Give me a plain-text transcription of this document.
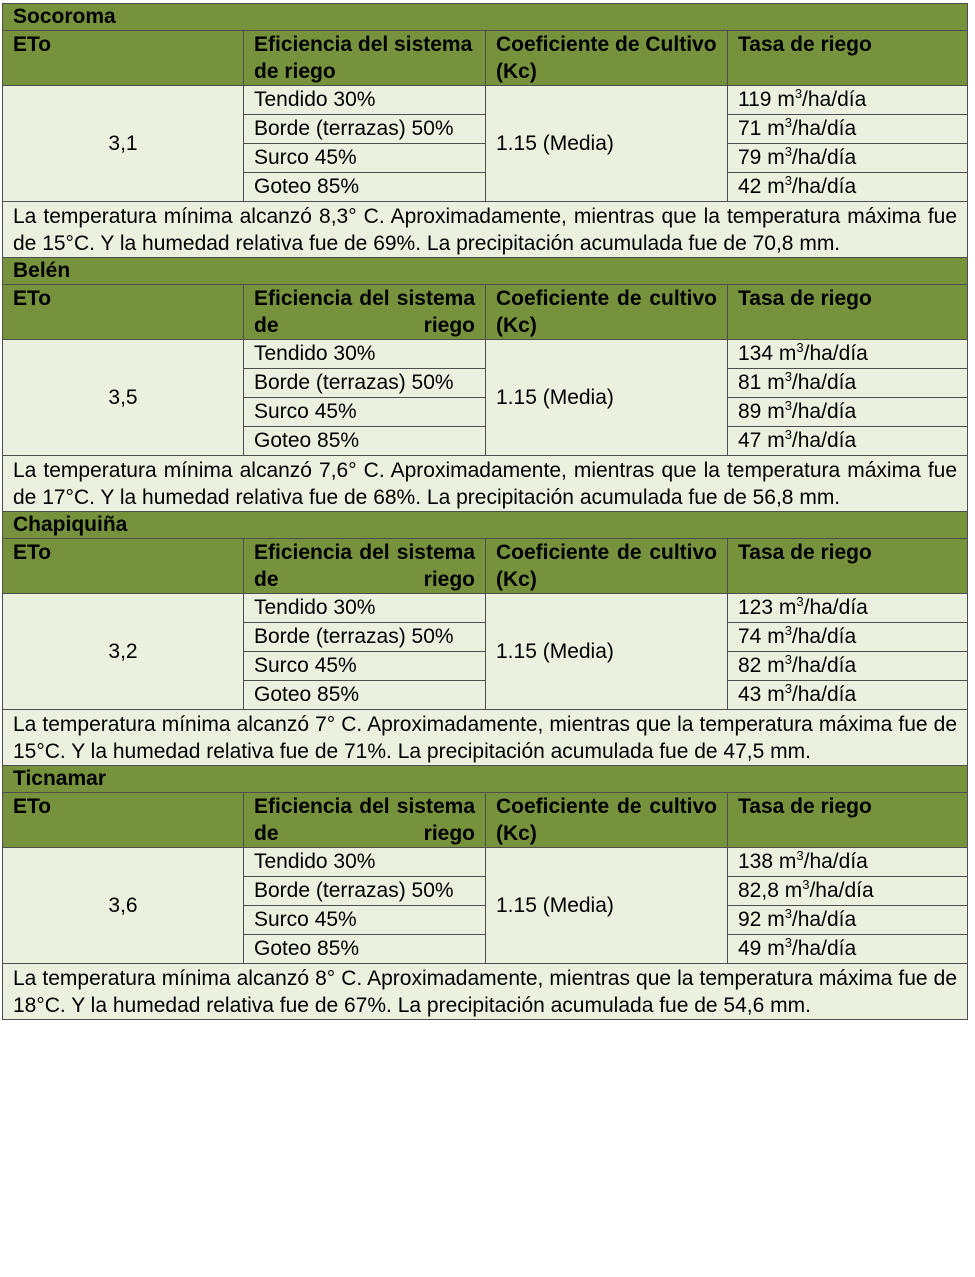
Socoroma			
ETo	Eficiencia del sistema de riego	Coeficiente de Cultivo (Kc)	Tasa de riego
3,1	Tendido 30%	1.15 (Media)	119 $m^3/ha$/día
	Borde (terrazas) 50%		71 $m^3/ha$/día
	Surco 45%		79 $m^3/ha$/día
	Goteo 85%		42 $m^3/ha$/día
La temperatura mínima alcanzó 8,3° C. Aproximadamente, mientras que la temperatura máxima fue de 15°C. Y la humedad relativa fue de 69%. La precipitación acumulada fue de 70,8 mm.			
Belén			
ETo	Eficiencia del sistema de riego	Coeficiente de cultivo (Kc)	Tasa de riego
3,5	Tendido 30%	1.15 (Media)	134 $m^3/ha$/día
	Borde (terrazas) 50%		81 $m^3/ha$/día
	Surco 45%		89 $m^3/ha$/día
	Goteo 85%		47 $m^3/ha$/día
La temperatura mínima alcanzó 7,6° C. Aproximadamente, mientras que la temperatura máxima fue de 17°C. Y la humedad relativa fue de 68%. La precipitación acumulada fue de 56,8 mm.			
Chapiquiña			
ETo	Eficiencia del sistema de riego	Coeficiente de cultivo (Kc)	Tasa de riego
3,2	Tendido 30%	1.15 (Media)	123 $m^3/ha$/día
	Borde (terrazas) 50%		74 $m^3/ha$/día
	Surco 45%		82 $m^3/ha$/día
	Goteo 85%		43 $m^3/ha$/día
La temperatura mínima alcanzó 7° C. Aproximadamente, mientras que la temperatura máxima fue de 15°C. Y la humedad relativa fue de 71%. La precipitación acumulada fue de 47,5 mm.			
Ticnamar			
ETo	Eficiencia del sistema de riego	Coeficiente de cultivo (Kc)	Tasa de riego
3,6	Tendido 30%	1.15 (Media)	138 $m^3/ha$/día
	Borde (terrazas) 50%		82,8 $m^3/ha$/día
	Surco 45%		92 $m^3/ha$/día
	Goteo 85%		49 $m^3/ha$/día
La temperatura mínima alcanzó 8° C. Aproximadamente, mientras que la temperatura máxima fue de 18°C. Y la humedad relativa fue de 67%. La precipitación acumulada fue de 54,6 mm.			
